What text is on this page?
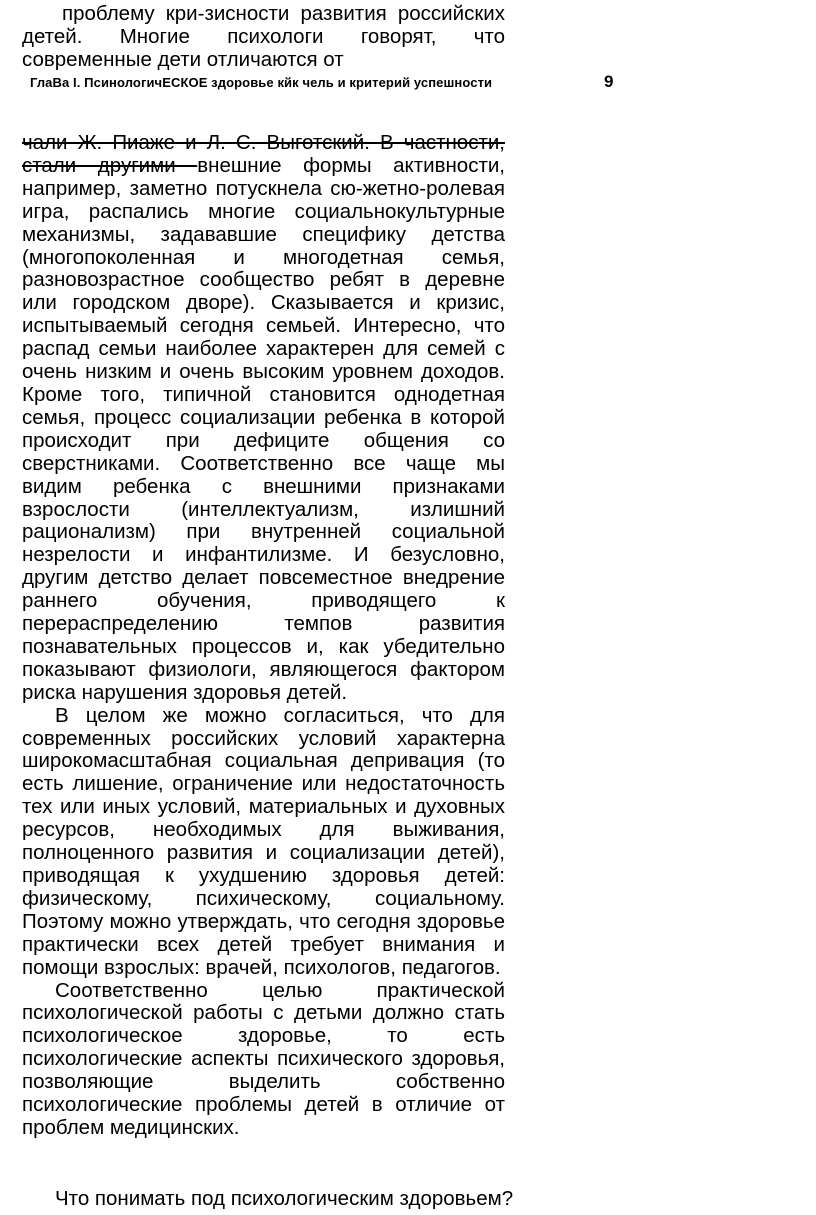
проблему кри-зисности развития российских
детей. Многие психологи говорят, что
современные дети отличаются от
ГлаВа I. ПсинологичЕСКОЕ здоровье кйк чель и критерий успешности	9

чали Ж. Пиаже и Л. С. Выготский. В частности, стали другими внешние формы активности, например, заметно потускнела сю-жетно-ролевая игра, распались многие социальнокультурные механизмы, задававшие специфику детства (многопоколенная и многодетная семья, разновозрастное сообщество ребят в деревне или городском дворе). Сказывается и кризис, испытываемый сегодня семьей. Интересно, что распад семьи наиболее характерен для семей с очень низким и очень высоким уровнем доходов. Кроме того, типичной становится однодетная семья, процесс социализации ребенка в которой происходит при дефиците общения со сверстниками. Соответственно все чаще мы видим ребенка с внешними признаками взрослости (интеллектуализм, излишний рационализм) при внутренней социальной незрелости и инфантилизме. И безусловно, другим детство делает повсеместное внедрение раннего обучения, приводящего к перераспределению темпов развития познавательных процессов и, как убедительно показывают физиологи, являющегося фактором риска нарушения здоровья детей.

В целом же можно согласиться, что для современных российских условий характерна широкомасштабная социальная депривация (то есть лишение, ограничение или недостаточность тех или иных условий, материальных и духовных ресурсов, необходимых для выживания, полноценного развития и социализации детей), приводящая к ухудшению здоровья детей: физическому, психическому, социальному. Поэтому можно утверждать, что сегодня здоровье практически всех детей требует внимания и помощи взрослых: врачей, психологов, педагогов.

Соответственно целью практической психологической работы с детьми должно стать психологическое здоровье, то есть психологические аспекты психического здоровья, позволяющие выделить собственно психологические проблемы детей в отличие от проблем медицинских.

Что понимать под психологическим здоровьем?
